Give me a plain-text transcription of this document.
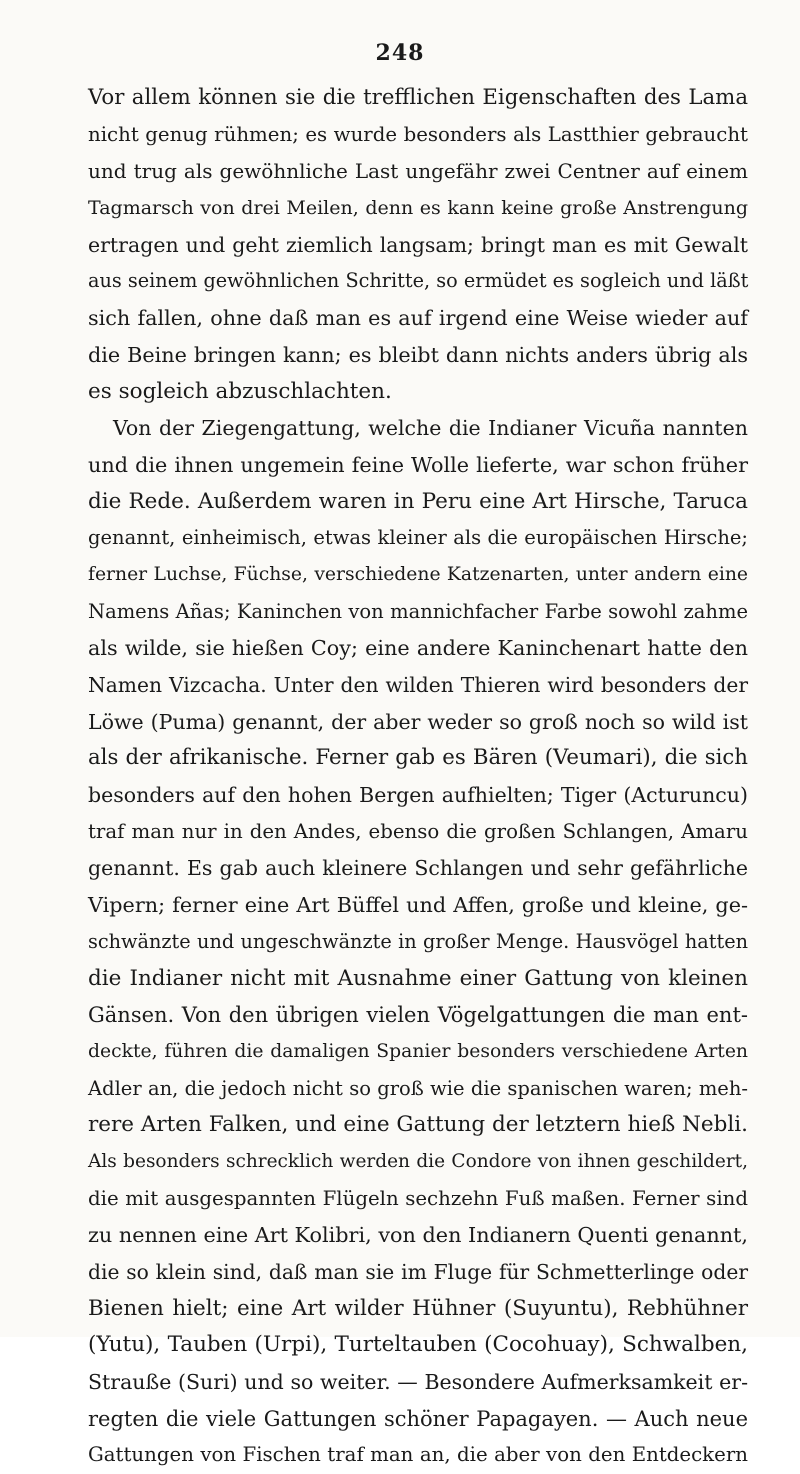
248
Vor allem können sie die trefflichen Eigenschaften des Lama
nicht genug rühmen; es wurde besonders als Lastthier gebraucht
und trug als gewöhnliche Last ungefähr zwei Centner auf einem
Tagmarsch von drei Meilen, denn es kann keine große Anstrengung
ertragen und geht ziemlich langsam; bringt man es mit Gewalt
aus seinem gewöhnlichen Schritte, so ermüdet es sogleich und läßt
sich fallen, ohne daß man es auf irgend eine Weise wieder auf
die Beine bringen kann; es bleibt dann nichts anders übrig als
es sogleich abzuschlachten.
Von der Ziegengattung, welche die Indianer Vicuña nannten
und die ihnen ungemein feine Wolle lieferte, war schon früher
die Rede. Außerdem waren in Peru eine Art Hirsche, Taruca
genannt, einheimisch, etwas kleiner als die europäischen Hirsche;
ferner Luchse, Füchse, verschiedene Katzenarten, unter andern eine
Namens Añas; Kaninchen von mannichfacher Farbe sowohl zahme
als wilde, sie hießen Coy; eine andere Kaninchenart hatte den
Namen Vizcacha. Unter den wilden Thieren wird besonders der
Löwe (Puma) genannt, der aber weder so groß noch so wild ist
als der afrikanische. Ferner gab es Bären (Veumari), die sich
besonders auf den hohen Bergen aufhielten; Tiger (Acturuncu)
traf man nur in den Andes, ebenso die großen Schlangen, Amaru
genannt. Es gab auch kleinere Schlangen und sehr gefährliche
Vipern; ferner eine Art Büffel und Affen, große und kleine, ge-
schwänzte und ungeschwänzte in großer Menge. Hausvögel hatten
die Indianer nicht mit Ausnahme einer Gattung von kleinen
Gänsen. Von den übrigen vielen Vögelgattungen die man ent-
deckte, führen die damaligen Spanier besonders verschiedene Arten
Adler an, die jedoch nicht so groß wie die spanischen waren; meh-
rere Arten Falken, und eine Gattung der letztern hieß Nebli.
Als besonders schrecklich werden die Condore von ihnen geschildert,
die mit ausgespannten Flügeln sechzehn Fuß maßen. Ferner sind
zu nennen eine Art Kolibri, von den Indianern Quenti genannt,
die so klein sind, daß man sie im Fluge für Schmetterlinge oder
Bienen hielt; eine Art wilder Hühner (Suyuntu), Rebhühner
(Yutu), Tauben (Urpi), Turteltauben (Cocohuay), Schwalben,
Strauße (Suri) und so weiter. — Besondere Aufmerksamkeit er-
regten die viele Gattungen schöner Papagayen. — Auch neue
Gattungen von Fischen traf man an, die aber von den Entdeckern
